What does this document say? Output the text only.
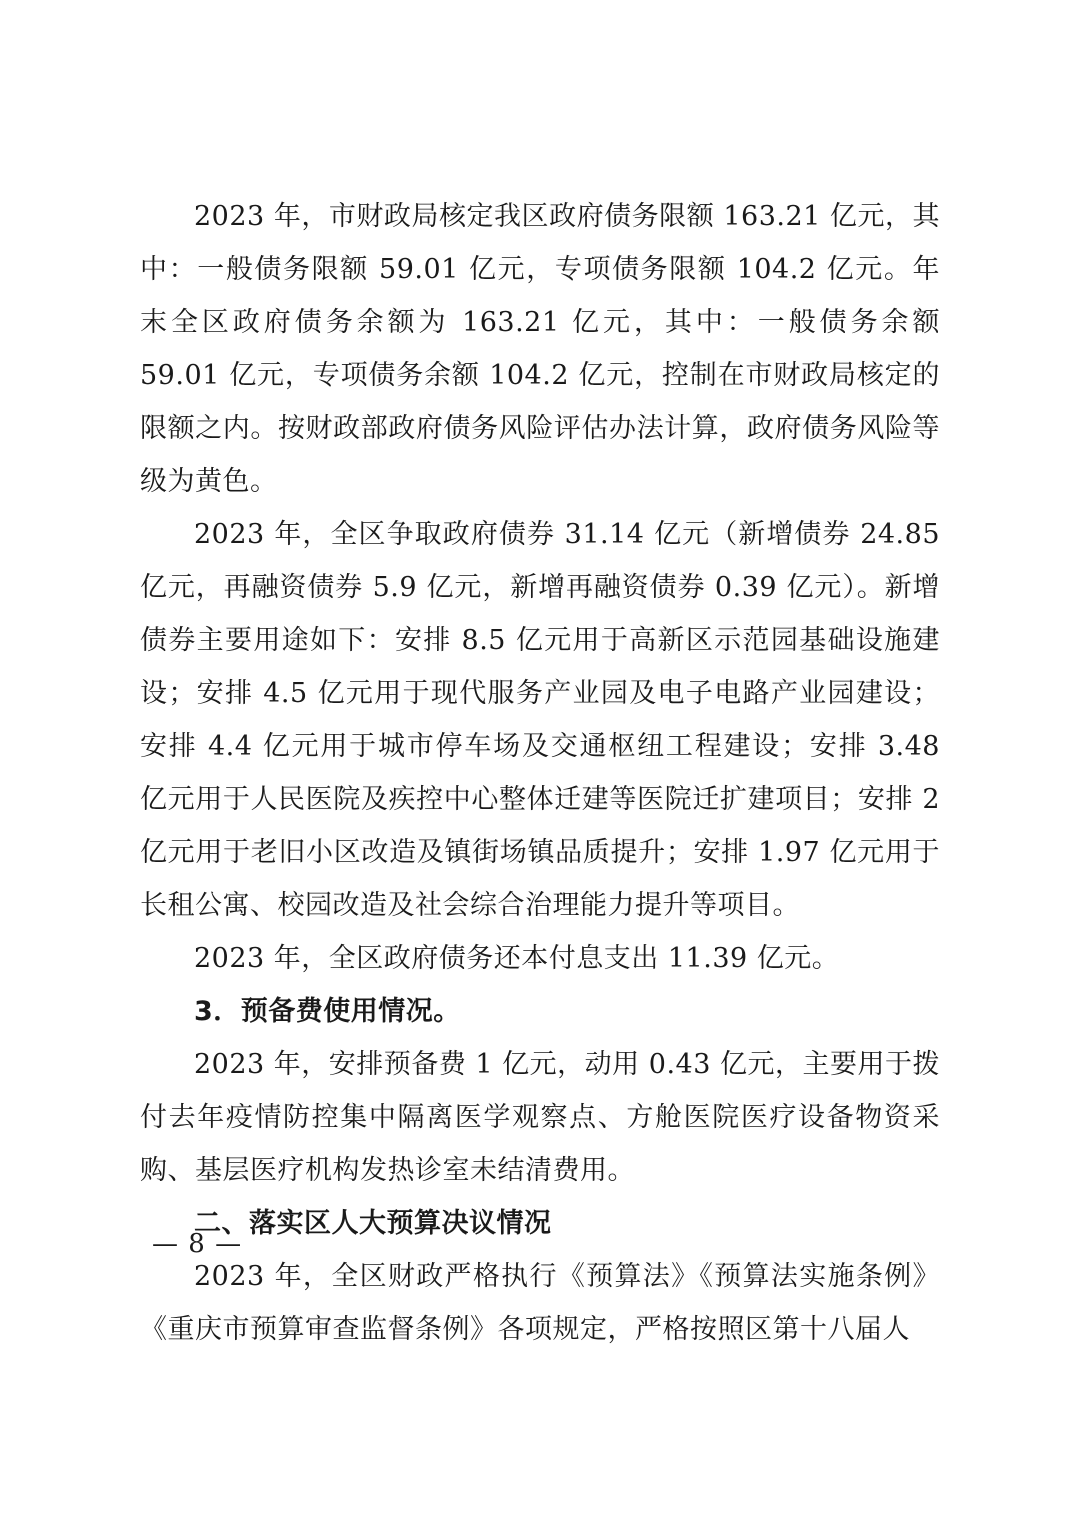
2023 年，市财政局核定我区政府债务限额 163.21 亿元，其中：一般债务限额 59.01 亿元，专项债务限额 104.2 亿元。年末全区政府债务余额为 163.21 亿元，其中：一般债务余额 59.01 亿元，专项债务余额 104.2 亿元，控制在市财政局核定的限额之内。按财政部政府债务风险评估办法计算，政府债务风险等级为黄色。

2023 年，全区争取政府债券 31.14 亿元（新增债券 24.85 亿元，再融资债券 5.9 亿元，新增再融资债券 0.39 亿元）。新增债券主要用途如下：安排 8.5 亿元用于高新区示范园基础设施建设；安排 4.5 亿元用于现代服务产业园及电子电路产业园建设；安排 4.4 亿元用于城市停车场及交通枢纽工程建设；安排 3.48 亿元用于人民医院及疾控中心整体迁建等医院迁扩建项目；安排 2 亿元用于老旧小区改造及镇街场镇品质提升；安排 1.97 亿元用于长租公寓、校园改造及社会综合治理能力提升等项目。

2023 年，全区政府债务还本付息支出 11.39 亿元。

3．预备费使用情况。

2023 年，安排预备费 1 亿元，动用 0.43 亿元，主要用于拨付去年疫情防控集中隔离医学观察点、方舱医院医疗设备物资采购、基层医疗机构发热诊室未结清费用。

二、落实区人大预算决议情况

2023 年，全区财政严格执行《预算法》《预算法实施条例》《重庆市预算审查监督条例》各项规定，严格按照区第十八届人

— 8 —
